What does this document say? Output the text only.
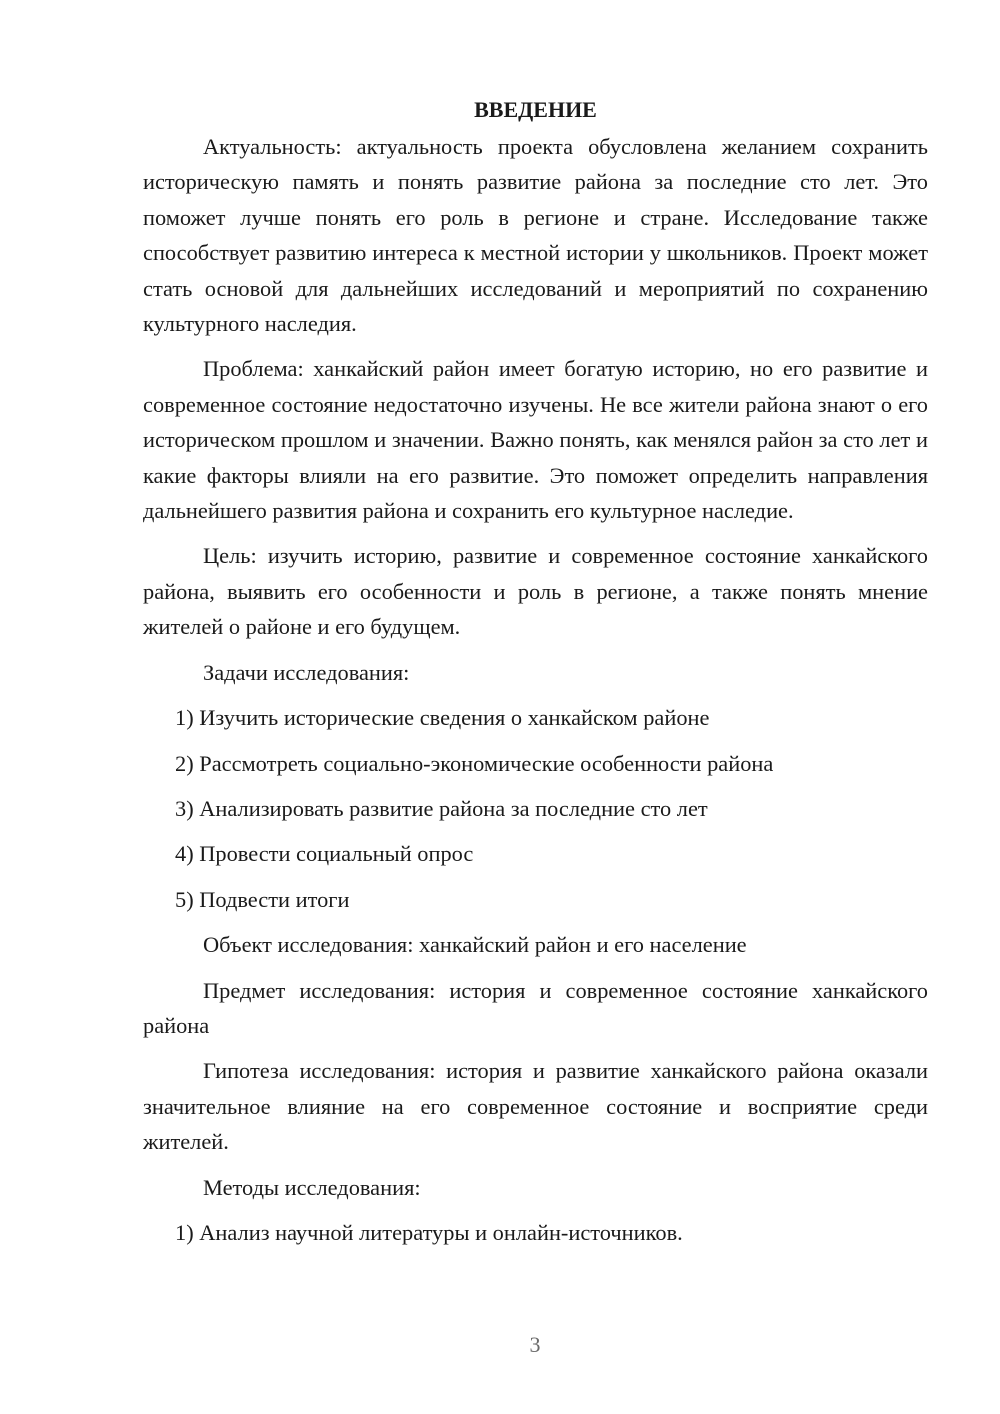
ВВЕДЕНИЕ

Актуальность: актуальность проекта обусловлена желанием сохранить историческую память и понять развитие района за последние сто лет. Это поможет лучше понять его роль в регионе и стране. Исследование также способствует развитию интереса к местной истории у школьников. Проект может стать основой для дальнейших исследований и мероприятий по сохранению культурного наследия.

Проблема: ханкайский район имеет богатую историю, но его развитие и современное состояние недостаточно изучены. Не все жители района знают о его историческом прошлом и значении. Важно понять, как менялся район за сто лет и какие факторы влияли на его развитие. Это поможет определить направления дальнейшего развития района и сохранить его культурное наследие.

Цель: изучить историю, развитие и современное состояние ханкайского района, выявить его особенности и роль в регионе, а также понять мнение жителей о районе и его будущем.

Задачи исследования:

1) Изучить исторические сведения о ханкайском районе
2) Рассмотреть социально-экономические особенности района
3) Анализировать развитие района за последние сто лет
4) Провести социальный опрос
5) Подвести итоги

Объект исследования: ханкайский район и его население

Предмет исследования: история и современное состояние ханкайского района

Гипотеза исследования: история и развитие ханкайского района оказали значительное влияние на его современное состояние и восприятие среди жителей.

Методы исследования:

1) Анализ научной литературы и онлайн-источников.
3
